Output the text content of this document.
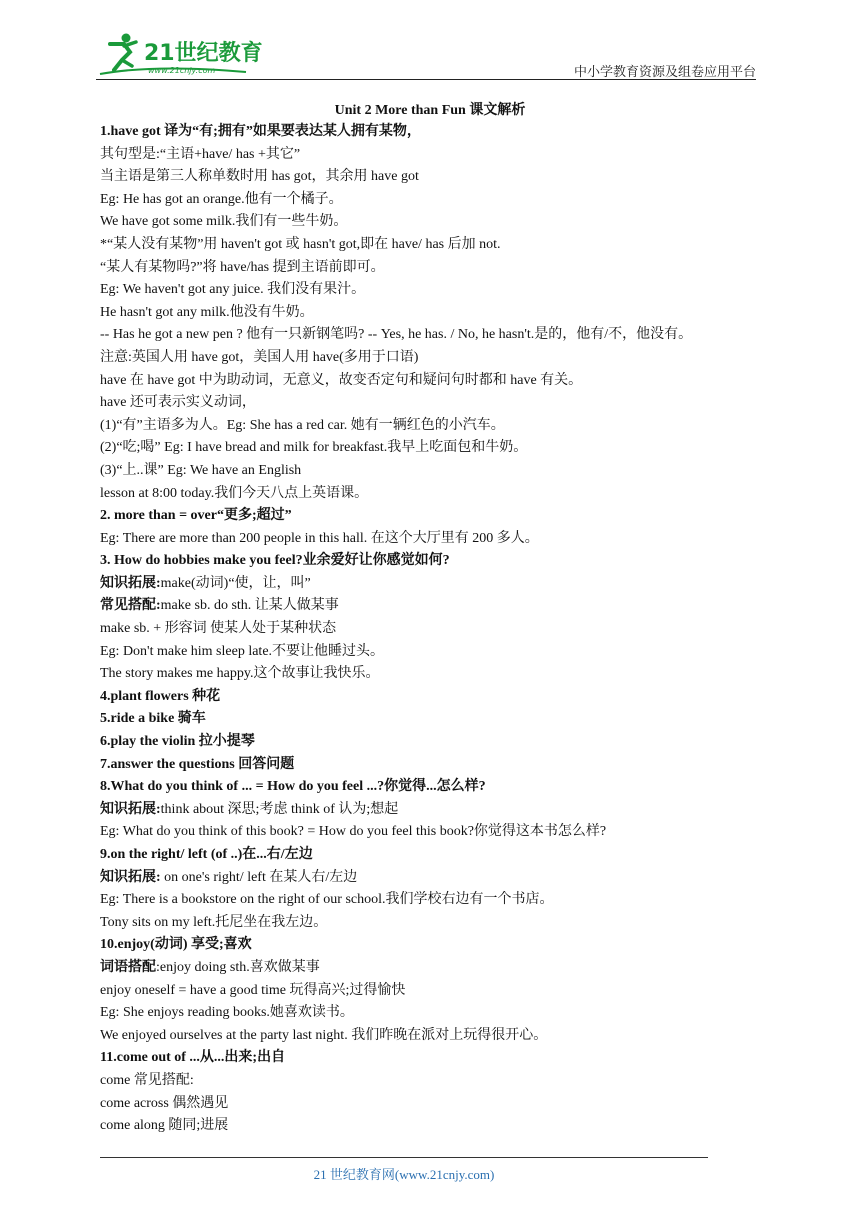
21世纪教育
www.21cnjy.com	中小学教育资源及组卷应用平台
Unit 2 More than Fun 课文解析
1.have got 译为“有;拥有”如果要表达某人拥有某物，
其句型是:“主语+have/ has +其它”
当主语是第三人称单数时用 has got，其余用 have got
Eg: He has got an orange.他有一个橘子。
We have got some milk.我们有一些牛奶。
*“某人没有某物”用 haven't got 或 hasn't got,即在 have/ has 后加 not.
“某人有某物吗?”将 have/has 提到主语前即可。
Eg: We haven't got any juice. 我们没有果汁。
He hasn't got any milk.他没有牛奶。
-- Has he got a new pen ? 他有一只新钢笔吗? -- Yes, he has. / No, he hasn't.是的，他有/不，他没有。
注意:英国人用 have got，美国人用 have(多用于口语)
have 在 have got 中为助动词，无意义，故变否定句和疑问句时都和 have 有关。
have 还可表示实义动词，
(1)“有”主语多为人。Eg: She has a red car. 她有一辆红色的小汽车。
(2)“吃;喝” Eg: I have bread and milk for breakfast.我早上吃面包和牛奶。
(3)“上..课” Eg: We have an English
lesson at 8:00 today.我们今天八点上英语课。
2. more than = over“更多;超过”
Eg: There are more than 200 people in this hall. 在这个大厅里有 200 多人。
3. How do hobbies make you feel?业余爱好让你感觉如何?
知识拓展:make(动词)“使，让，叫”
常见搭配:make sb. do sth. 让某人做某事
make sb. + 形容词 使某人处于某种状态
Eg: Don't make him sleep late.不要让他睡过头。
The story makes me happy.这个故事让我快乐。
4.plant flowers 种花
5.ride a bike 骑车
6.play the violin 拉小提琴
7.answer the questions 回答问题
8.What do you think of ... = How do you feel ...?你觉得...怎么样?
知识拓展:think about 深思;考虑 think of 认为;想起
Eg: What do you think of this book? = How do you feel this book?你觉得这本书怎么样?
9.on the right/ left (of ..)在...右/左边
知识拓展: on one's right/ left 在某人右/左边
Eg: There is a bookstore on the right of our school.我们学校右边有一个书店。
Tony sits on my left.托尼坐在我左边。
10.enjoy(动词) 享受;喜欢
词语搭配:enjoy doing sth.喜欢做某事
enjoy oneself = have a good time 玩得高兴;过得愉快
Eg: She enjoys reading books.她喜欢读书。
We enjoyed ourselves at the party last night. 我们昨晚在派对上玩得很开心。
11.come out of ...从...出来;出自
come 常见搭配:
come across 偶然遇见
come along 随同;进展
21 世纪教育网(www.21cnjy.com)
